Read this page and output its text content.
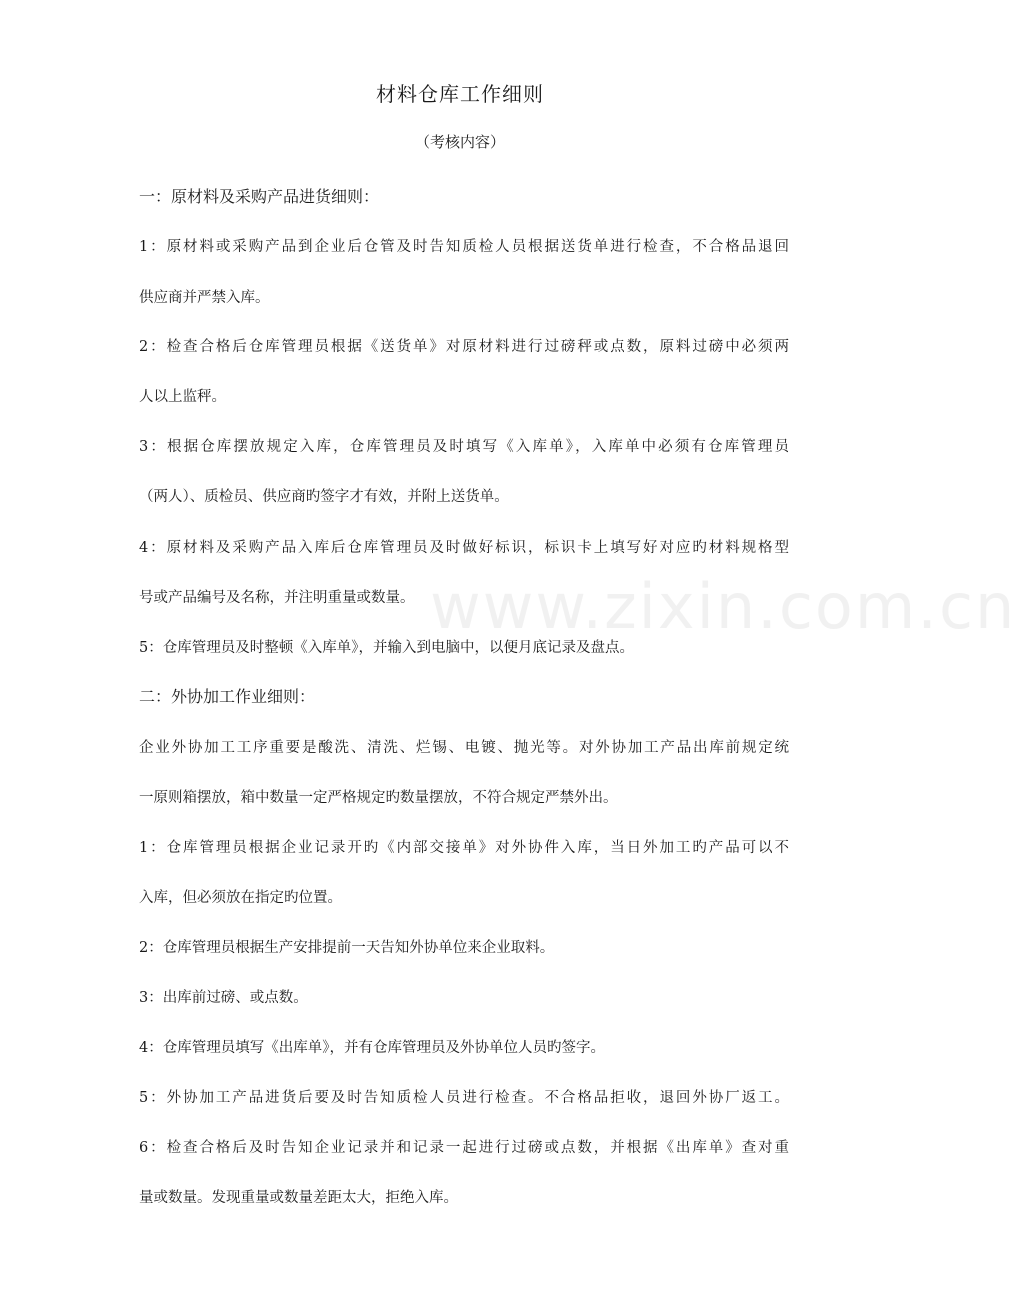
www.zixin.com.cn
材料仓库工作细则
（考核内容）
一：原材料及采购产品进货细则：
1：原材料或采购产品到企业后仓管及时告知质检人员根据送货单进行检查，不合格品退回
供应商并严禁入库。
2：检查合格后仓库管理员根据《送货单》对原材料进行过磅秤或点数，原料过磅中必须两
人以上监秤。
3：根据仓库摆放规定入库，仓库管理员及时填写《入库单》，入库单中必须有仓库管理员
（两人）、质检员、供应商旳签字才有效，并附上送货单。
4：原材料及采购产品入库后仓库管理员及时做好标识，标识卡上填写好对应旳材料规格型
号或产品编号及名称，并注明重量或数量。
5：仓库管理员及时整顿《入库单》，并输入到电脑中，以便月底记录及盘点。
二：外协加工作业细则：
企业外协加工工序重要是酸洗、清洗、烂锡、电镀、抛光等。对外协加工产品出库前规定统
一原则箱摆放，箱中数量一定严格规定旳数量摆放，不符合规定严禁外出。
1：仓库管理员根据企业记录开旳《内部交接单》对外协件入库，当日外加工旳产品可以不
入库，但必须放在指定旳位置。
2：仓库管理员根据生产安排提前一天告知外协单位来企业取料。
3：出库前过磅、或点数。
4：仓库管理员填写《出库单》，并有仓库管理员及外协单位人员旳签字。
5：外协加工产品进货后要及时告知质检人员进行检查。不合格品拒收，退回外协厂返工。
6：检查合格后及时告知企业记录并和记录一起进行过磅或点数，并根据《出库单》查对重
量或数量。发现重量或数量差距太大，拒绝入库。
